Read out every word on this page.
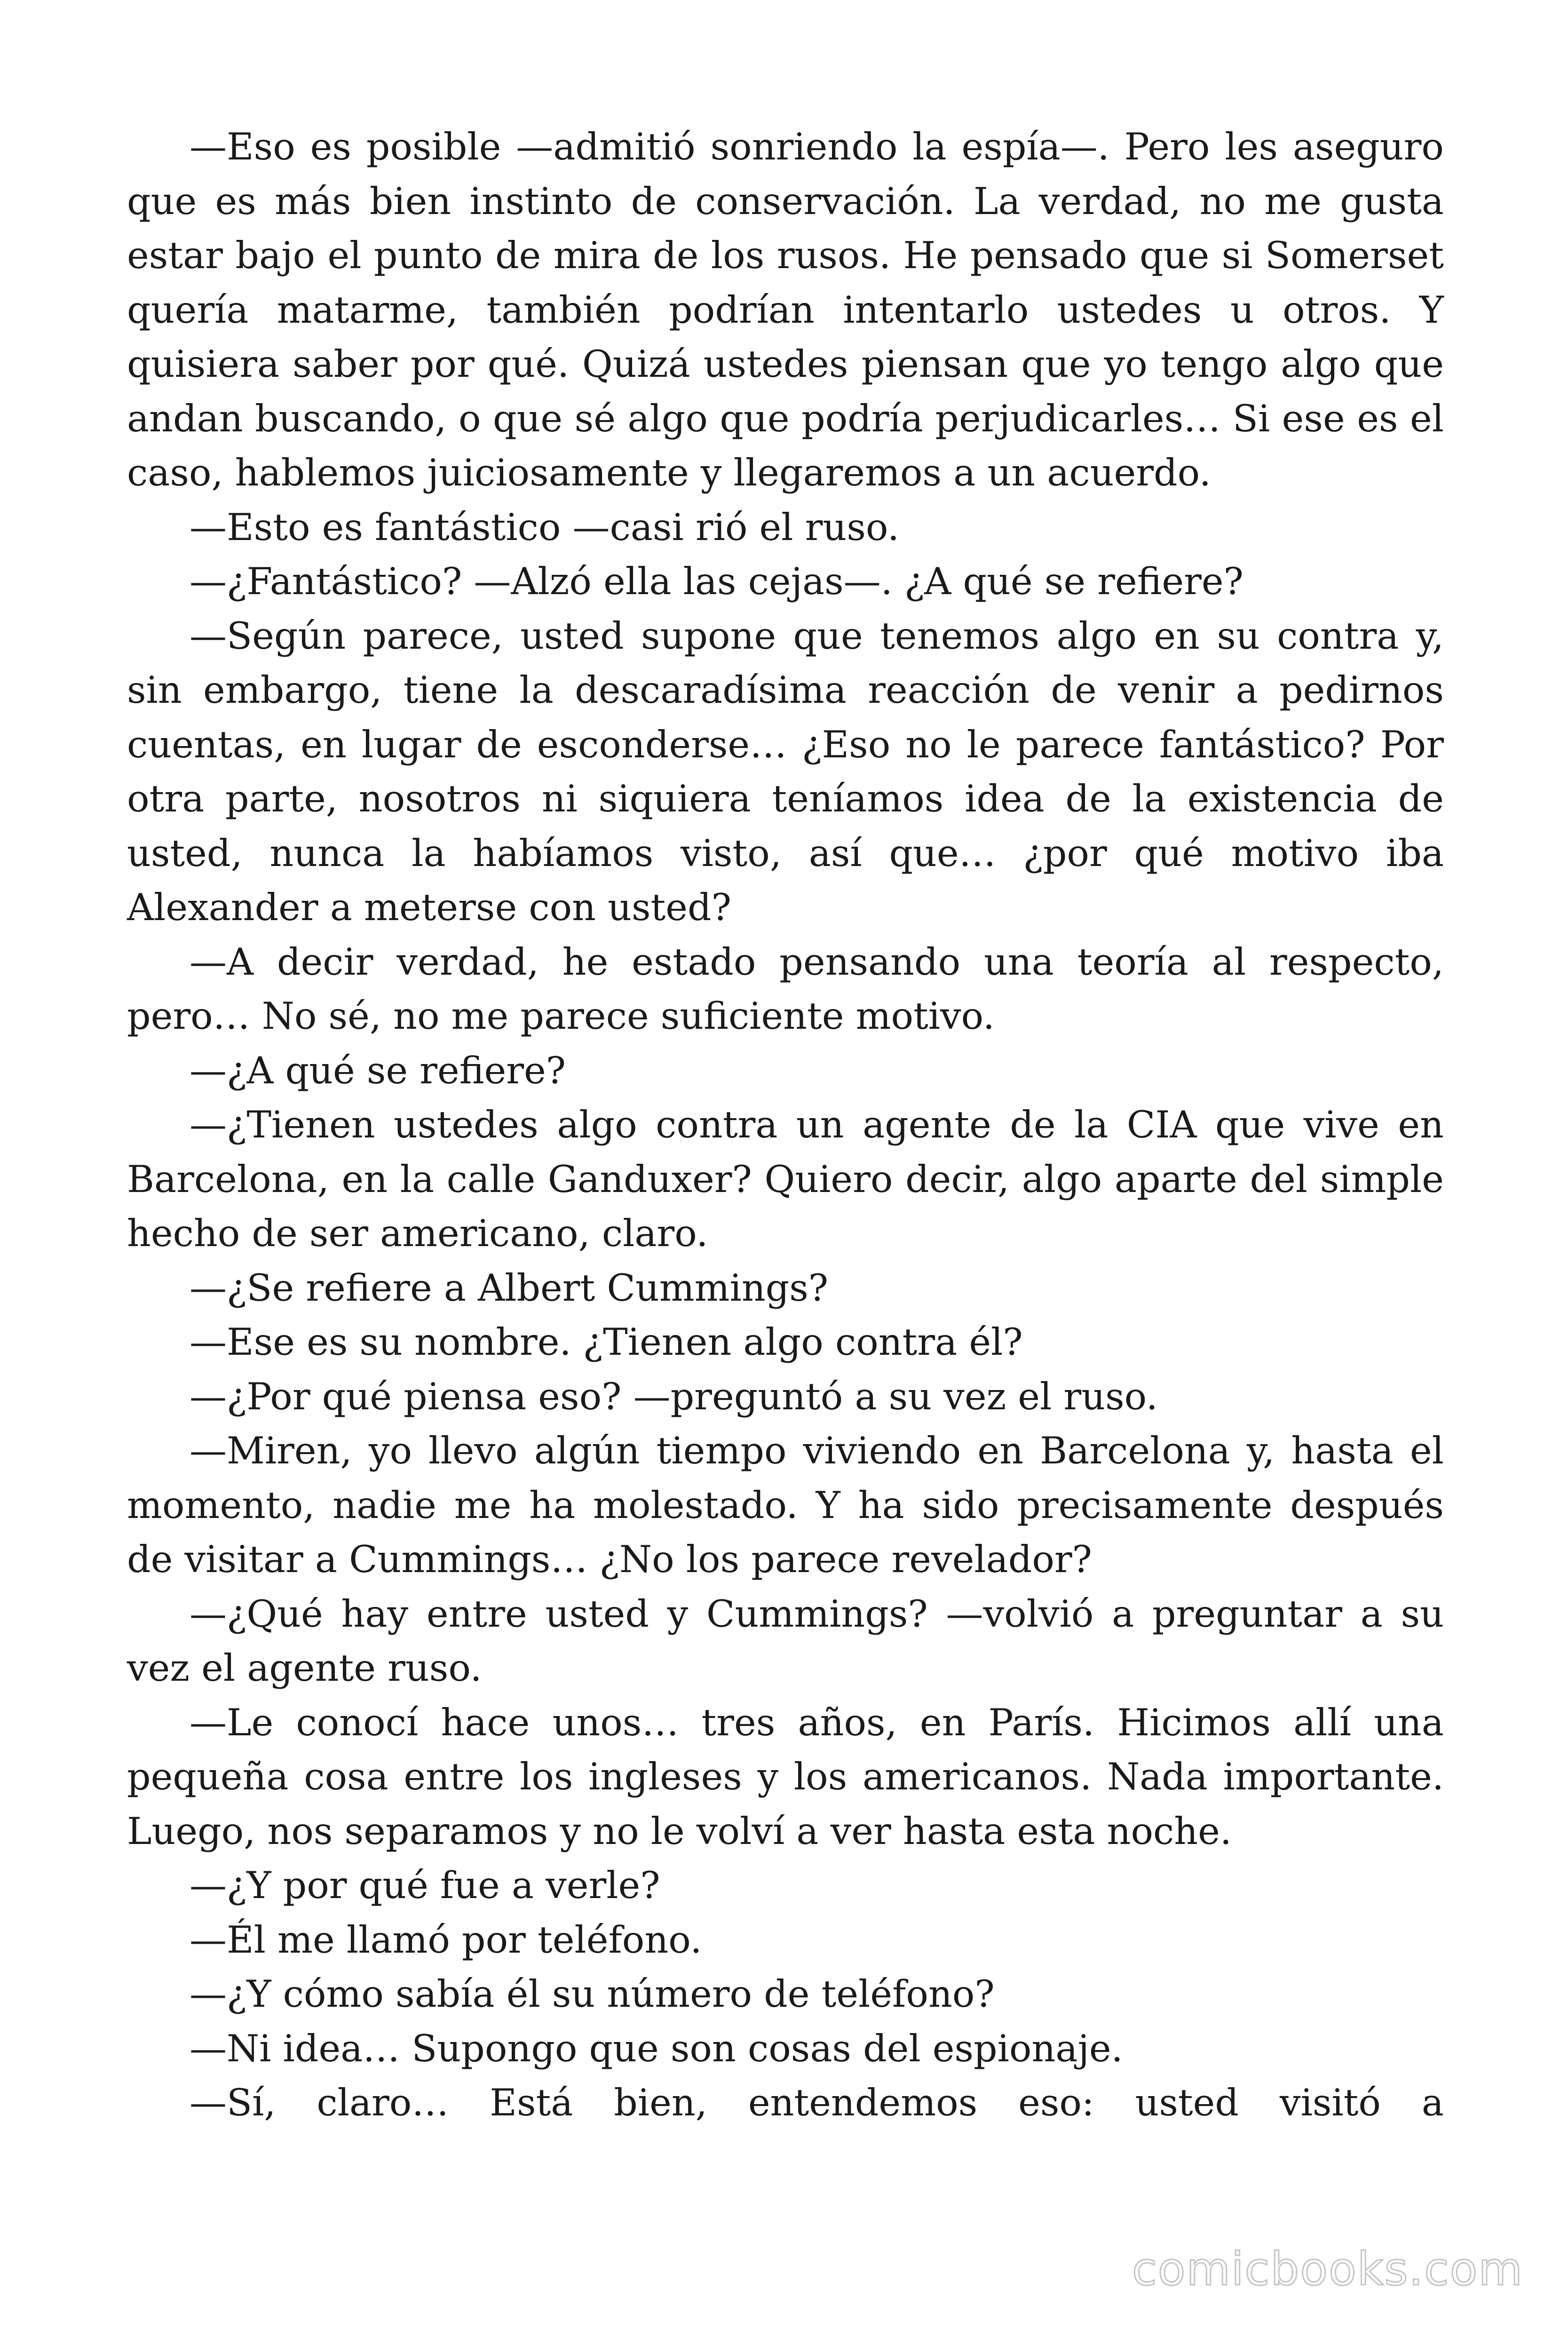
—Eso es posible —admitió sonriendo la espía—. Pero les aseguro que es más bien instinto de conservación. La verdad, no me gusta estar bajo el punto de mira de los rusos. He pensado que si Somerset quería matarme, también podrían intentarlo ustedes u otros. Y quisiera saber por qué. Quizá ustedes piensan que yo tengo algo que andan buscando, o que sé algo que podría perjudicarles… Si ese es el caso, hablemos juiciosamente y llegaremos a un acuerdo.

—Esto es fantástico —casi rió el ruso.

—¿Fantástico? —Alzó ella las cejas—. ¿A qué se refiere?

—Según parece, usted supone que tenemos algo en su contra y, sin embargo, tiene la descaradísima reacción de venir a pedirnos cuentas, en lugar de esconderse… ¿Eso no le parece fantástico? Por otra parte, nosotros ni siquiera teníamos idea de la existencia de usted, nunca la habíamos visto, así que… ¿por qué motivo iba Alexander a meterse con usted?

—A decir verdad, he estado pensando una teoría al respecto, pero… No sé, no me parece suficiente motivo.

—¿A qué se refiere?

—¿Tienen ustedes algo contra un agente de la CIA que vive en Barcelona, en la calle Ganduxer? Quiero decir, algo aparte del simple hecho de ser americano, claro.

—¿Se refiere a Albert Cummings?

—Ese es su nombre. ¿Tienen algo contra él?

—¿Por qué piensa eso? —preguntó a su vez el ruso.

—Miren, yo llevo algún tiempo viviendo en Barcelona y, hasta el momento, nadie me ha molestado. Y ha sido precisamente después de visitar a Cummings… ¿No los parece revelador?

—¿Qué hay entre usted y Cummings? —volvió a preguntar a su vez el agente ruso.

—Le conocí hace unos… tres años, en París. Hicimos allí una pequeña cosa entre los ingleses y los americanos. Nada importante. Luego, nos separamos y no le volví a ver hasta esta noche.

—¿Y por qué fue a verle?

—Él me llamó por teléfono.

—¿Y cómo sabía él su número de teléfono?

—Ni idea… Supongo que son cosas del espionaje.

—Sí, claro… Está bien, entendemos eso: usted visitó a

comicbooks.com
